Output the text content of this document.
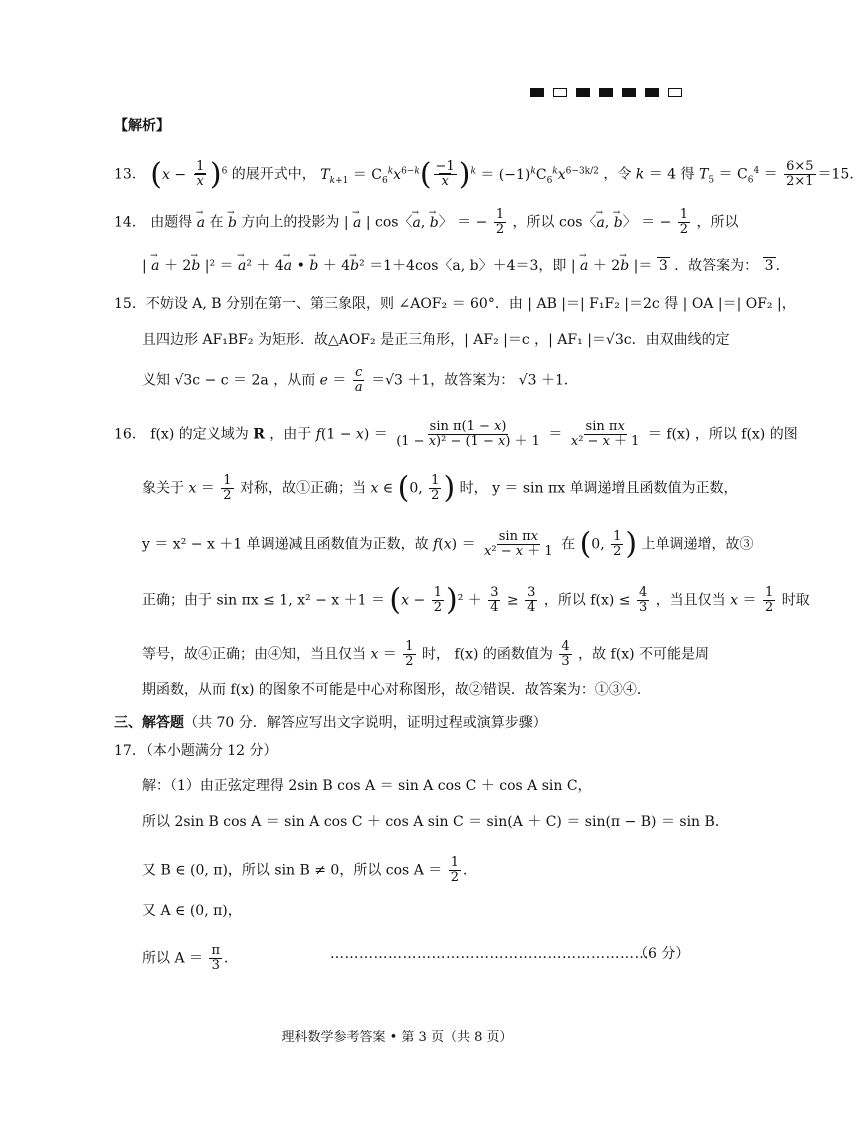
【解析】
13． $(x - \frac{1}{x} )^6$ 的展开式中， $T_{k+1} = C_6^kx^{6-k}( \frac{-1}{x} )^k = (-1)^kC_6^kx^{6-3k/2}$ ，令 k ＝ 4 得 $T_5 = C_6^4 = \frac{6\times 5}{2\times 1} =15$．
14． 由题得 → a 在 → b 方向上的投影为 | → a | cos〈→ a, → b〉 ＝ − $\frac{1}{2}$ ，所以 cos〈→ a, → b〉 ＝ − $\frac{1}{2}$ ，所以
| → a ＋ 2→ b |² ＝ → a² ＋ 4→ a • → b ＋ 4→ b² ＝1＋4cos〈a, b〉＋4＝3，即 | → a ＋ 2→ b |＝ 3 ．故答案为： 3 ．
15．不妨设 A, B 分别在第一、第三象限，则 ∠AOF₂ ＝ 60°．由 | AB |＝| F₁F₂ |＝2c 得 | OA |＝| OF₂ |，
且四边形 AF₁BF₂ 为矩形．故△AOF₂ 是正三角形，| AF₂ |＝c ，| AF₁ |＝√3c．由双曲线的定
义知 √3c − c ＝ 2a ，从而 $e = \frac{c}{a} =√3 +1$，故答案为： √3 ＋1．
16． f(x) 的定义域为 R ，由于 $f(1 - x) = \frac{\text{sin π(1 − x)}}{\text{(1 − x)² − (1 − x) ＋ 1}} = \frac{\text{sin πx}}{\text{x² − x ＋ 1}} = f(x)$ ，所以 f(x) 的图
象关于 $x = \frac{1}{2}$ 对称，故①正确；当 x ∈ (0, $\frac{1}{2}$ ) 时， y ＝ sin πx 单调递增且函数值为正数，
y ＝ x² − x ＋1 单调递减且函数值为正数，故 $f(x) = \frac{\text{sin πx}}{\text{x² − x ＋ 1}}$ 在 (0, $\frac{1}{2}$ ) 上单调递增，故③
正确；由于 sin πx ≤ 1, $x^2 - x +1 = (x - \frac{1}{2} )^2 + \frac{3}{4} \ge \frac{3}{4}$ ，所以 $f(x) \le \frac{4}{3}$ ，当且仅当 $x = \frac{1}{2}$ 时取
等号，故④正确；由④知，当且仅当 $x = \frac{1}{2}$ 时， f(x) 的函数值为 $\frac{4}{3}$ ，故 f(x) 不可能是周
期函数，从而 f(x) 的图象不可能是中心对称图形，故②错误．故答案为：①③④．
三、解答题（共 70 分．解答应写出文字说明，证明过程或演算步骤）
17．（本小题满分 12 分）
解：（1）由正弦定理得 2sin B cos A ＝ sin A cos C ＋ cos A sin C，
所以 2sin B cos A ＝ sin A cos C ＋ cos A sin C ＝ sin(A ＋ C) ＝ sin(π − B) ＝ sin B．
又 B ∈ (0, π)，所以 sin B ≠ 0，所以 $\cos A = \frac{1}{2}$ ．
又 A ∈ (0, π)，
所以 $A = \frac{\pi}{3}$ ．	…………………………………………………………
（6 分）
理科数学参考答案 • 第 3 页（共 8 页）
